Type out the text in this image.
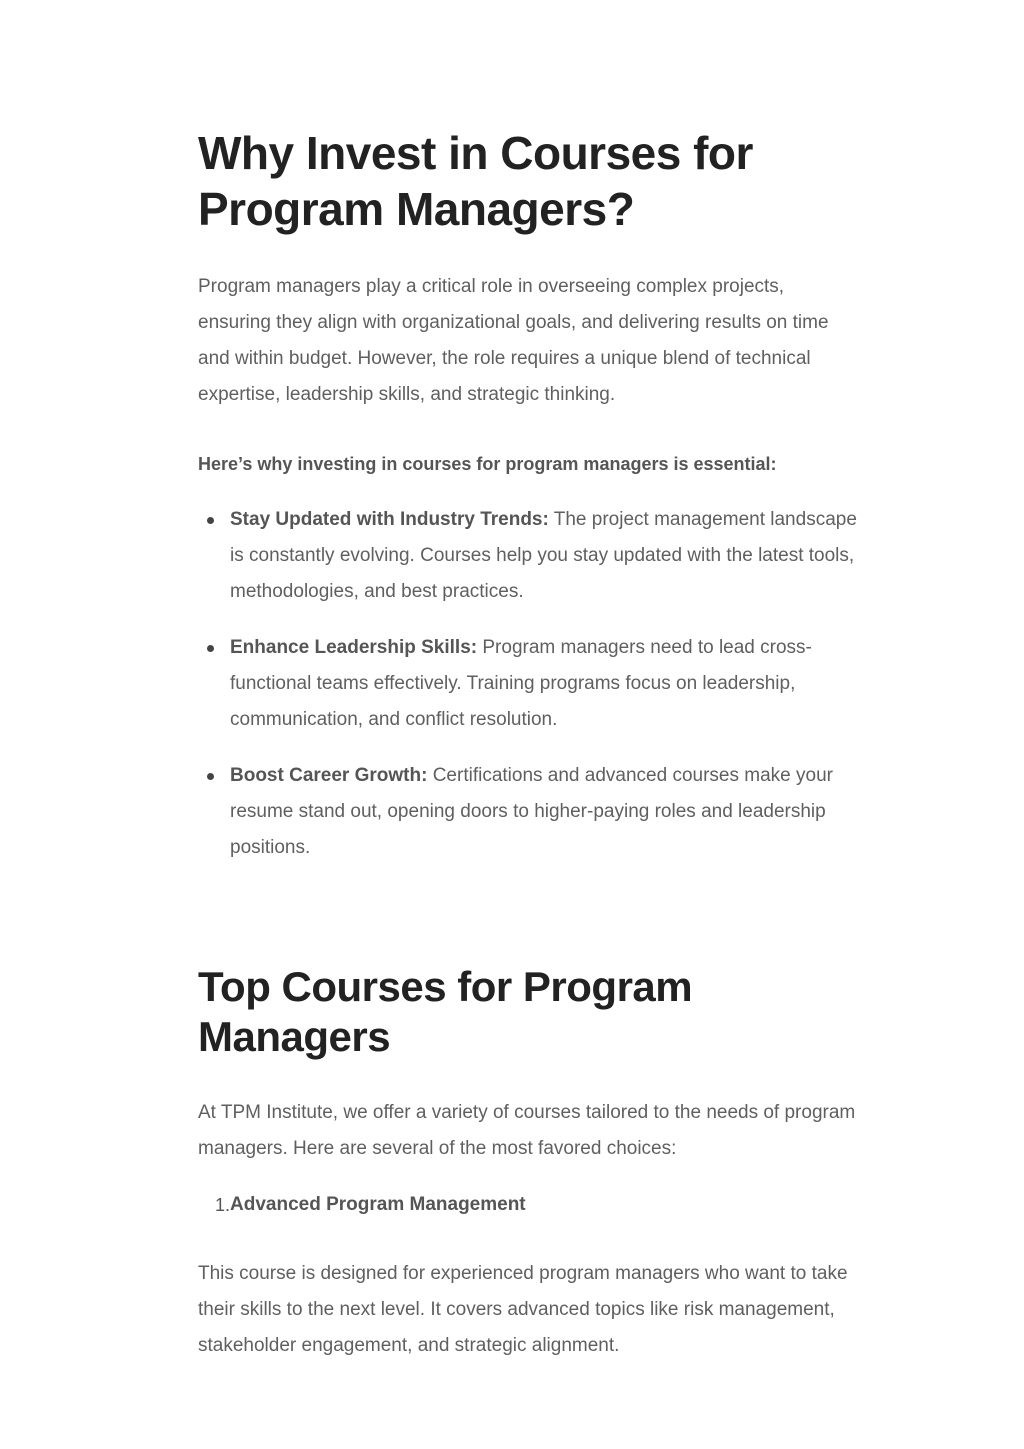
Why Invest in Courses for Program Managers?

Program managers play a critical role in overseeing complex projects, ensuring they align with organizational goals, and delivering results on time and within budget. However, the role requires a unique blend of technical expertise, leadership skills, and strategic thinking.

Here’s why investing in courses for program managers is essential:

Stay Updated with Industry Trends: The project management landscape is constantly evolving. Courses help you stay updated with the latest tools, methodologies, and best practices.
Enhance Leadership Skills: Program managers need to lead cross-functional teams effectively. Training programs focus on leadership, communication, and conflict resolution.
Boost Career Growth: Certifications and advanced courses make your resume stand out, opening doors to higher-paying roles and leadership positions.
Top Courses for Program Managers

At TPM Institute, we offer a variety of courses tailored to the needs of program managers. Here are several of the most favored choices:

1. Advanced Program Management

This course is designed for experienced program managers who want to take their skills to the next level. It covers advanced topics like risk management, stakeholder engagement, and strategic alignment.
